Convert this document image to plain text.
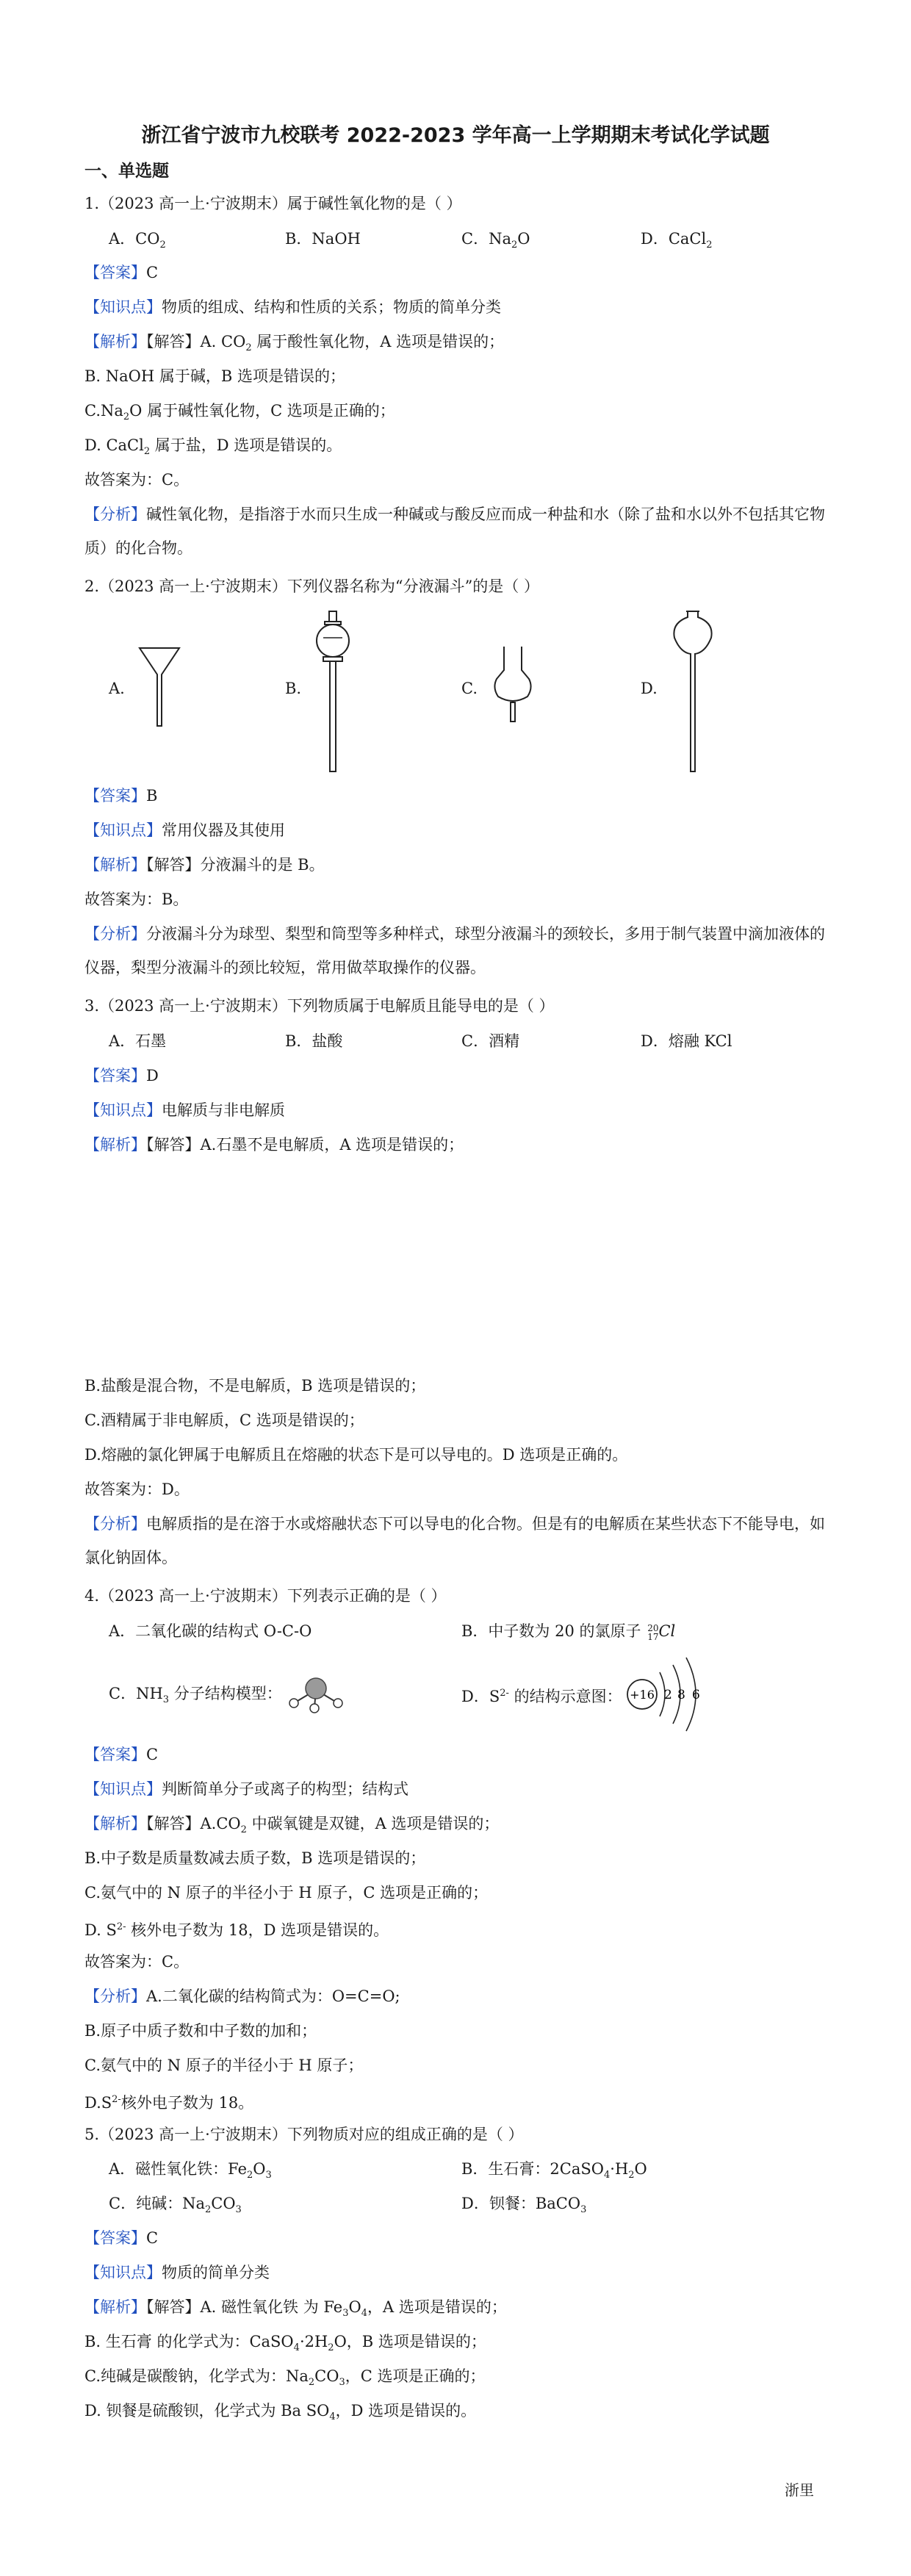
浙江省宁波市九校联考 2022-2023 学年高一上学期期末考试化学试题
一、单选题
1.（2023 高一上·宁波期末）属于碱性氧化物的是（ ）
A．$CO_2$	B．NaOH	C．$Na_2O$	D．CaCl$_2$
【答案】C
【知识点】物质的组成、结构和性质的关系；物质的简单分类
【解析】【解答】A. $CO_2$ 属于酸性氧化物，A 选项是错误的；
B. NaOH 属于碱，B 选项是错误的；
$C.Na_2O$ 属于碱性氧化物，C 选项是正确的；
D. CaCl$_2$ 属于盐，D 选项是错误的。
故答案为：C。
【分析】碱性氧化物，是指溶于水而只生成一种碱或与酸反应而成一种盐和水（除了盐和水以外不包括其它物质）的化合物。
2.（2023 高一上·宁波期末）下列仪器名称为“分液漏斗”的是（ ）
A.	B.	C.	D.
【答案】B
【知识点】常用仪器及其使用
【解析】【解答】分液漏斗的是 B。
故答案为：B。
【分析】分液漏斗分为球型、梨型和筒型等多种样式，球型分液漏斗的颈较长，多用于制气装置中滴加液体的仪器，梨型分液漏斗的颈比较短，常用做萃取操作的仪器。
3.（2023 高一上·宁波期末）下列物质属于电解质且能导电的是（ ）
A．石墨	B．盐酸	C．酒精	D．熔融 KCl
【答案】D
【知识点】电解质与非电解质
【解析】【解答】A.石墨不是电解质，A 选项是错误的；
B.盐酸是混合物，不是电解质，B 选项是错误的；
C.酒精属于非电解质，C 选项是错误的；
D.熔融的氯化钾属于电解质且在熔融的状态下是可以导电的。D 选项是正确的。
故答案为：D。
【分析】电解质指的是在溶于水或熔融状态下可以导电的化合物。但是有的电解质在某些状态下不能导电，如氯化钠固体。
4.（2023 高一上·宁波期末）下列表示正确的是（ ）
A．二氧化碳的结构式 O-C-O	B．中子数为 20 的氯原子 20
17Cl
C．$NH_3$ 分子结构模型：	D．$S^{2-}$ 的结构示意图： +16 2 8 6
【答案】C
【知识点】判断简单分子或离子的构型；结构式
【解析】【解答】$A.CO_2$ 中碳氧键是双键，A 选项是错误的；
B.中子数是质量数减去质子数，B 选项是错误的；
C.氨气中的 N 原子的半径小于 H 原子，C 选项是正确的；
D. $S^{2-}$ 核外电子数为 18，D 选项是错误的。
故答案为：C。
【分析】A.二氧化碳的结构简式为：O=C=O;
B.原子中质子数和中子数的加和；
C.氨气中的 N 原子的半径小于 H 原子；
$D.S^{2-}$核外电子数为 18。
5.（2023 高一上·宁波期末）下列物质对应的组成正确的是（ ）
A．磁性氧化铁：$Fe_2O_3$	B．生石膏：$2CaSO_4\cdot H_2O$
C．纯碱：$Na_2CO_3$	D．钡餐：BaCO$_3$
【答案】C
【知识点】物质的简单分类
【解析】【解答】A. 磁性氧化铁 为 $Fe_3O_4$，A 选项是错误的；
B. 生石膏 的化学式为：$CaSO_4\cdot 2H_2O$，B 选项是错误的；
C.纯碱是碳酸钠，化学式为：$Na_2CO_3$，C 选项是正确的；
D. 钡餐是硫酸钡，化学式为 Ba $SO_4$，D 选项是错误的。
浙里
